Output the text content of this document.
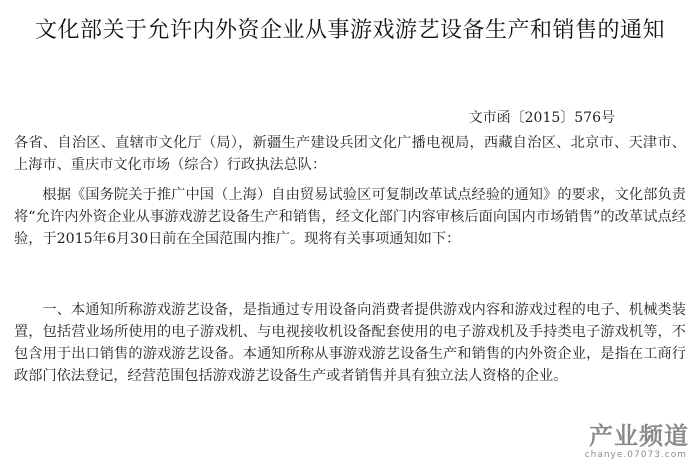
文化部关于允许内外资企业从事游戏游艺设备生产和销售的通知
文市函〔2015〕576号
各省、自治区、直辖市文化厅（局），新疆生产建设兵团文化广播电视局，西藏自治区、北京市、天津市、上海市、重庆市文化市场（综合）行政执法总队：
根据《国务院关于推广中国（上海）自由贸易试验区可复制改革试点经验的通知》的要求，文化部负责将“允许内外资企业从事游戏游艺设备生产和销售，经文化部门内容审核后面向国内市场销售”的改革试点经验，于2015年6月30日前在全国范围内推广。现将有关事项通知如下：
一、本通知所称游戏游艺设备，是指通过专用设备向消费者提供游戏内容和游戏过程的电子、机械类装置，包括营业场所使用的电子游戏机、与电视接收机设备配套使用的电子游戏机及手持类电子游戏机等，不包含用于出口销售的游戏游艺设备。本通知所称从事游戏游艺设备生产和销售的内外资企业，是指在工商行政部门依法登记，经营范围包括游戏游艺设备生产或者销售并具有独立法人资格的企业。
产业频道
chanye.07073.com
